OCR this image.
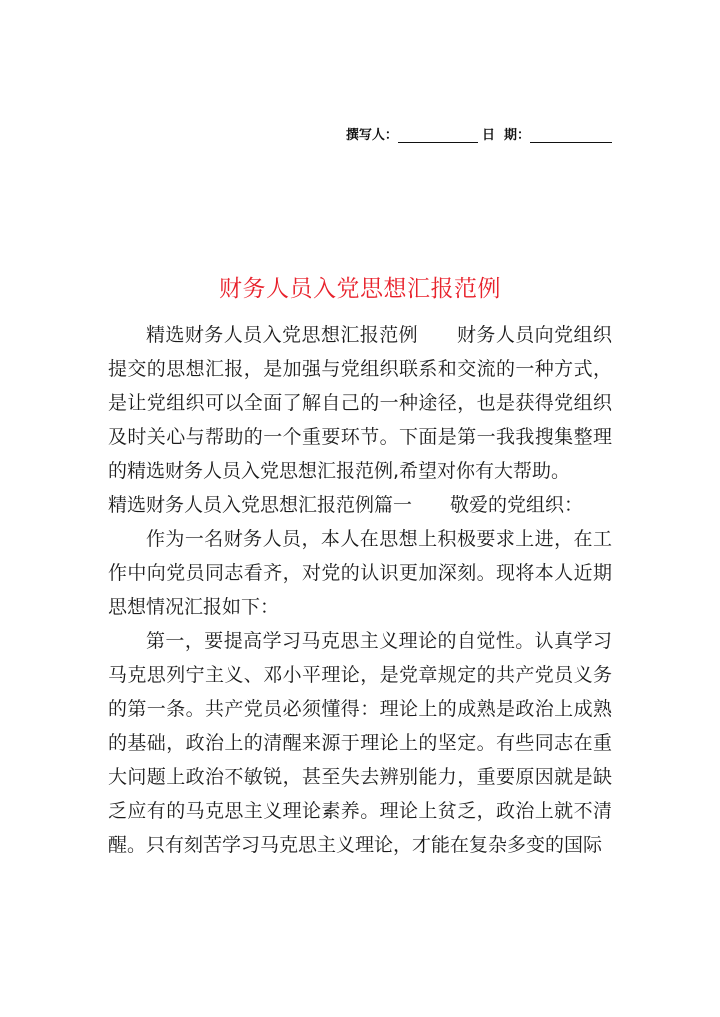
撰写人：	日  期：
财务人员入党思想汇报范例

精选财务人员入党思想汇报范例　　财务人员向党组织提交的思想汇报，是加强与党组织联系和交流的一种方式，是让党组织可以全面了解自己的一种途径，也是获得党组织及时关心与帮助的一个重要环节。下面是第一我我搜集整理的精选财务人员入党思想汇报范例,希望对你有大帮助。

精选财务人员入党思想汇报范例篇一　　敬爱的党组织：

作为一名财务人员，本人在思想上积极要求上进，在工作中向党员同志看齐，对党的认识更加深刻。现将本人近期思想情况汇报如下：

第一，要提高学习马克思主义理论的自觉性。认真学习马克思列宁主义、邓小平理论，是党章规定的共产党员义务的第一条。共产党员必须懂得：理论上的成熟是政治上成熟的基础，政治上的清醒来源于理论上的坚定。有些同志在重大问题上政治不敏锐，甚至失去辨别能力，重要原因就是缺乏应有的马克思主义理论素养。理论上贫乏，政治上就不清醒。只有刻苦学习马克思主义理论，才能在复杂多变的国际
